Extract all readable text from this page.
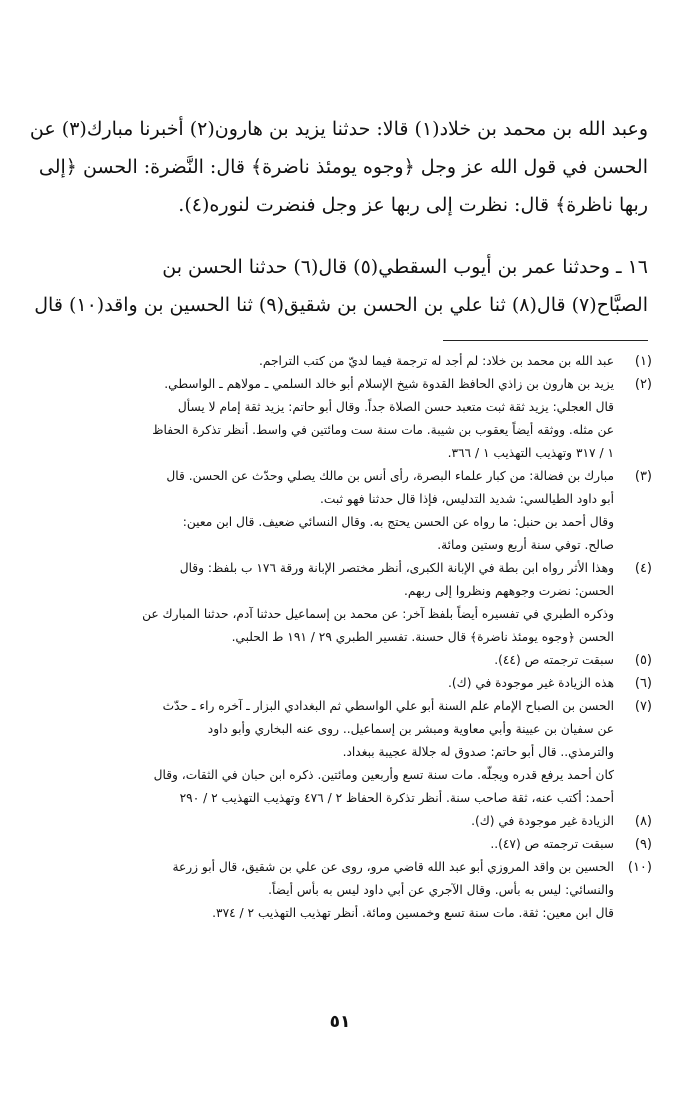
وعبد الله بن محمد بن خلاد(١) قالا: حدثنا يزيد بن هارون(٢) أخبرنا مبارك(٣) عن

الحسن في قول الله عز وجل ﴿وجوه يومئذ ناضرة﴾ قال: النَّضرة: الحسن ﴿إلى

ربها ناظرة﴾ قال: نظرت إلى ربها عز وجل فنضرت لنوره(٤).

١٦ ـ وحدثنا عمر بن أيوب السقطي(٥) قال(٦) حدثنا الحسن بن

الصبَّاح(٧) قال(٨) ثنا علي بن الحسن بن شقيق(٩) ثنا الحسين بن واقد(١٠) قال

(١)
عبد الله بن محمد بن خلاد: لم أجد له ترجمة فيما لديّ من كتب التراجم.
(٢)
يزيد بن هارون بن زاذي الحافظ القدوة شيخ الإسلام أبو خالد السلمي ـ مولاهم ـ الواسطي.
قال العجلي: يزيد ثقة ثبت متعبد حسن الصلاة جداً. وقال أبو حاتم: يزيد ثقة إمام لا يسأل
عن مثله. ووثقه أيضاً يعقوب بن شيبة. مات سنة ست ومائتين في واسط. أنظر تذكرة الحفاظ
١ / ٣١٧ وتهذيب التهذيب ١ / ٣٦٦.
(٣)
مبارك بن فضالة: من كبار علماء البصرة، رأى أنس بن مالك يصلي وحدّث عن الحسن. قال
أبو داود الطيالسي: شديد التدليس، فإذا قال حدثنا فهو ثبت.
وقال أحمد بن حنبل: ما رواه عن الحسن يحتج به. وقال النسائي ضعيف. قال ابن معين:
صالح. توفي سنة أربع وستين ومائة.
(٤)
وهذا الأثر رواه ابن بطة في الإبانة الكبرى، أنظر مختصر الإبانة ورقة ١٧٦ ب بلفظ: وقال
الحسن: نضرت وجوههم ونظروا إلى ربهم.
وذكره الطبري في تفسيره أيضاً بلفظ آخر: عن محمد بن إسماعيل حدثنا آدم، حدثنا المبارك عن
الحسن ﴿وجوه يومئذ ناضرة﴾ قال حسنة. تفسير الطبري ٢٩ / ١٩١ ط الحلبي.
(٥)
سبقت ترجمته ص (٤٤).
(٦)
هذه الزيادة غير موجودة في (ك).
(٧)
الحسن بن الصباح الإمام علم السنة أبو علي الواسطي ثم البغدادي البزار ـ آخره راء ـ حدّث
عن سفيان بن عيينة وأبي معاوية ومبشر بن إسماعيل.. روى عنه البخاري وأبو داود
والترمذي.. قال أبو حاتم: صدوق له جلالة عجيبة ببغداد.
كان أحمد يرفع قدره ويجلّه. مات سنة تسع وأربعين ومائتين. ذكره ابن حبان في الثقات، وقال
أحمد: أكتب عنه، ثقة صاحب سنة. أنظر تذكرة الحفاظ ٢ / ٤٧٦ وتهذيب التهذيب ٢ / ٢٩٠
(٨)
الزيادة غير موجودة في (ك).
(٩)
سبقت ترجمته ص (٤٧)..
(١٠)
الحسين بن واقد المروزي أبو عبد الله قاضي مرو، روى عن علي بن شقيق، قال أبو زرعة
والنسائي: ليس به بأس. وقال الآجري عن أبي داود ليس به بأس أيضاً.
قال ابن معين: ثقة. مات سنة تسع وخمسين ومائة. أنظر تهذيب التهذيب ٢ / ٣٧٤.
٥١
